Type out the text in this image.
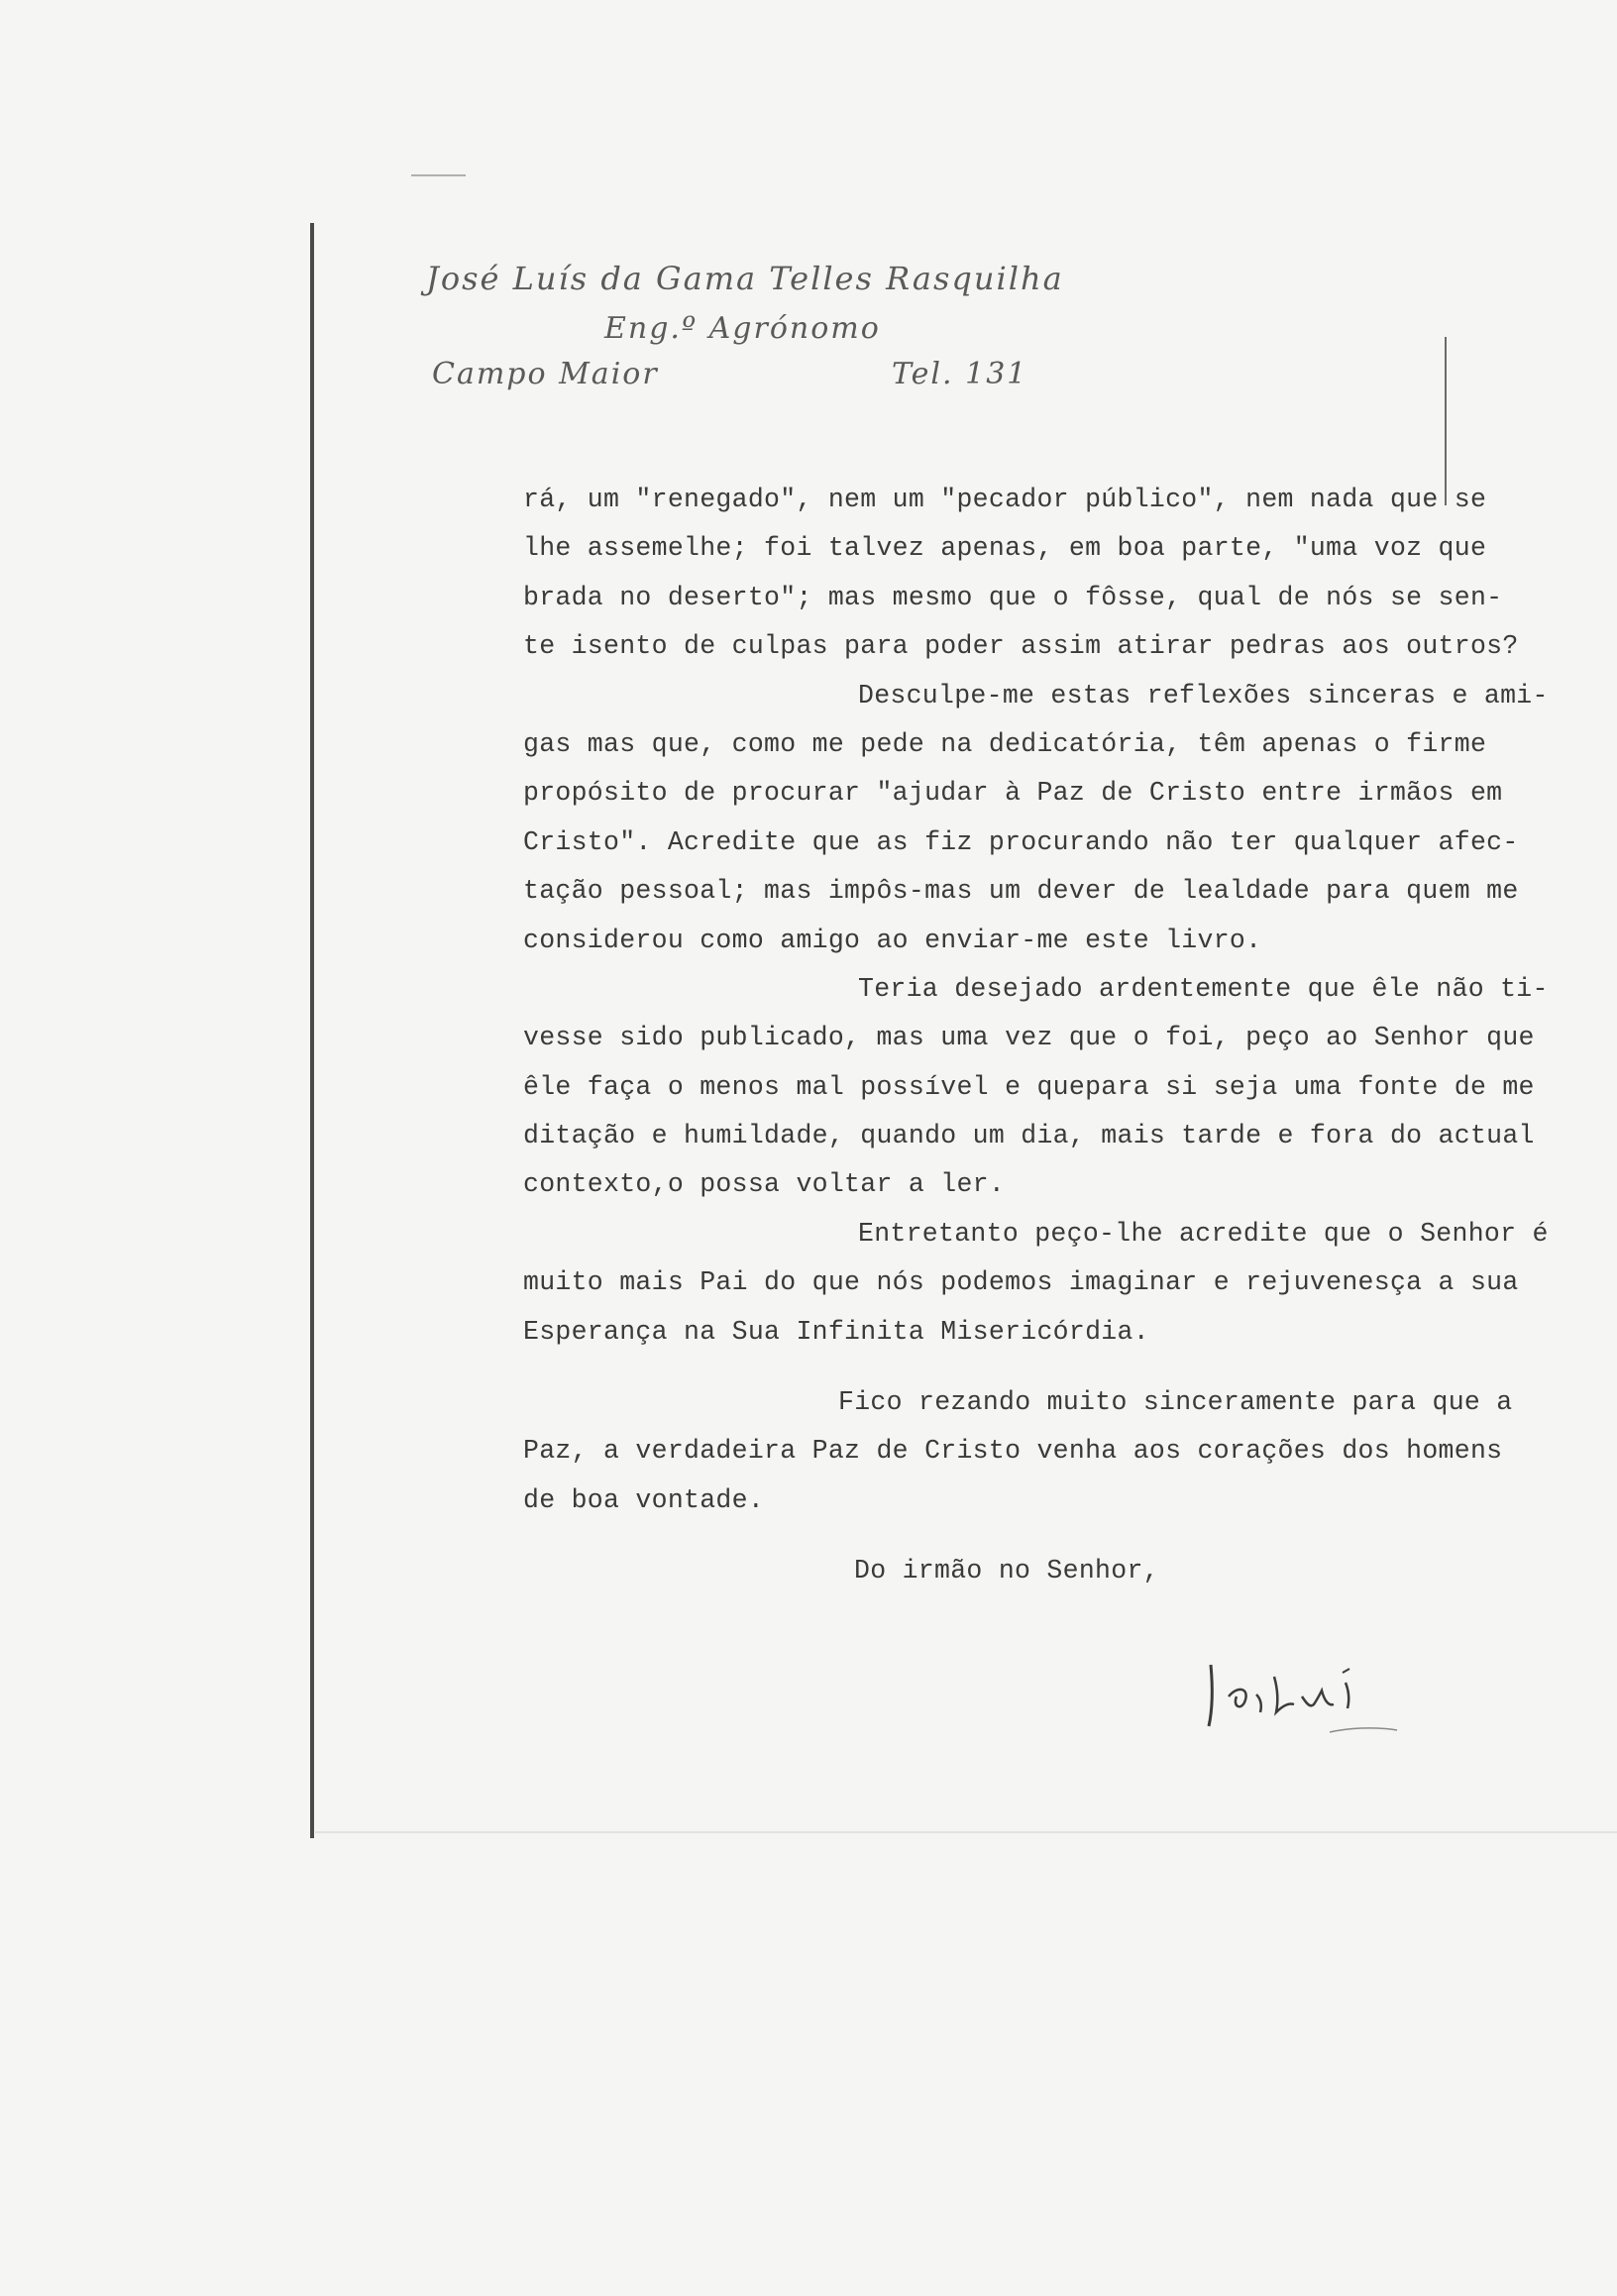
José Luís da Gama Telles Rasquilha
Eng.º Agrónomo
Campo Maior	Tel. 131
rá, um "renegado", nem um "pecador público", nem nada que se
lhe assemelhe; foi talvez apenas, em boa parte, "uma voz que
brada no deserto"; mas mesmo que o fôsse, qual de nós se sen-
te isento de culpas para poder assim atirar pedras aos outros?
Desculpe-me estas reflexões sinceras e ami-
gas mas que, como me pede na dedicatória, têm apenas o firme
propósito de procurar "ajudar à Paz de Cristo entre irmãos em
Cristo". Acredite que as fiz procurando não ter qualquer afec-
tação pessoal; mas impôs-mas um dever de lealdade para quem me
considerou como amigo ao enviar-me este livro.
Teria desejado ardentemente que êle não ti-
vesse sido publicado, mas uma vez que o foi, peço ao Senhor que
êle faça o menos mal possível e quepara si seja uma fonte de me
ditação e humildade, quando um dia, mais tarde e fora do actual
contexto,o possa voltar a ler.
Entretanto peço-lhe acredite que o Senhor é
muito mais Pai do que nós podemos imaginar e rejuvenesça a sua
Esperança na Sua Infinita Misericórdia.
Fico rezando muito sinceramente para que a
Paz, a verdadeira Paz de Cristo venha aos corações dos homens
de boa vontade.
Do irmão no Senhor,
